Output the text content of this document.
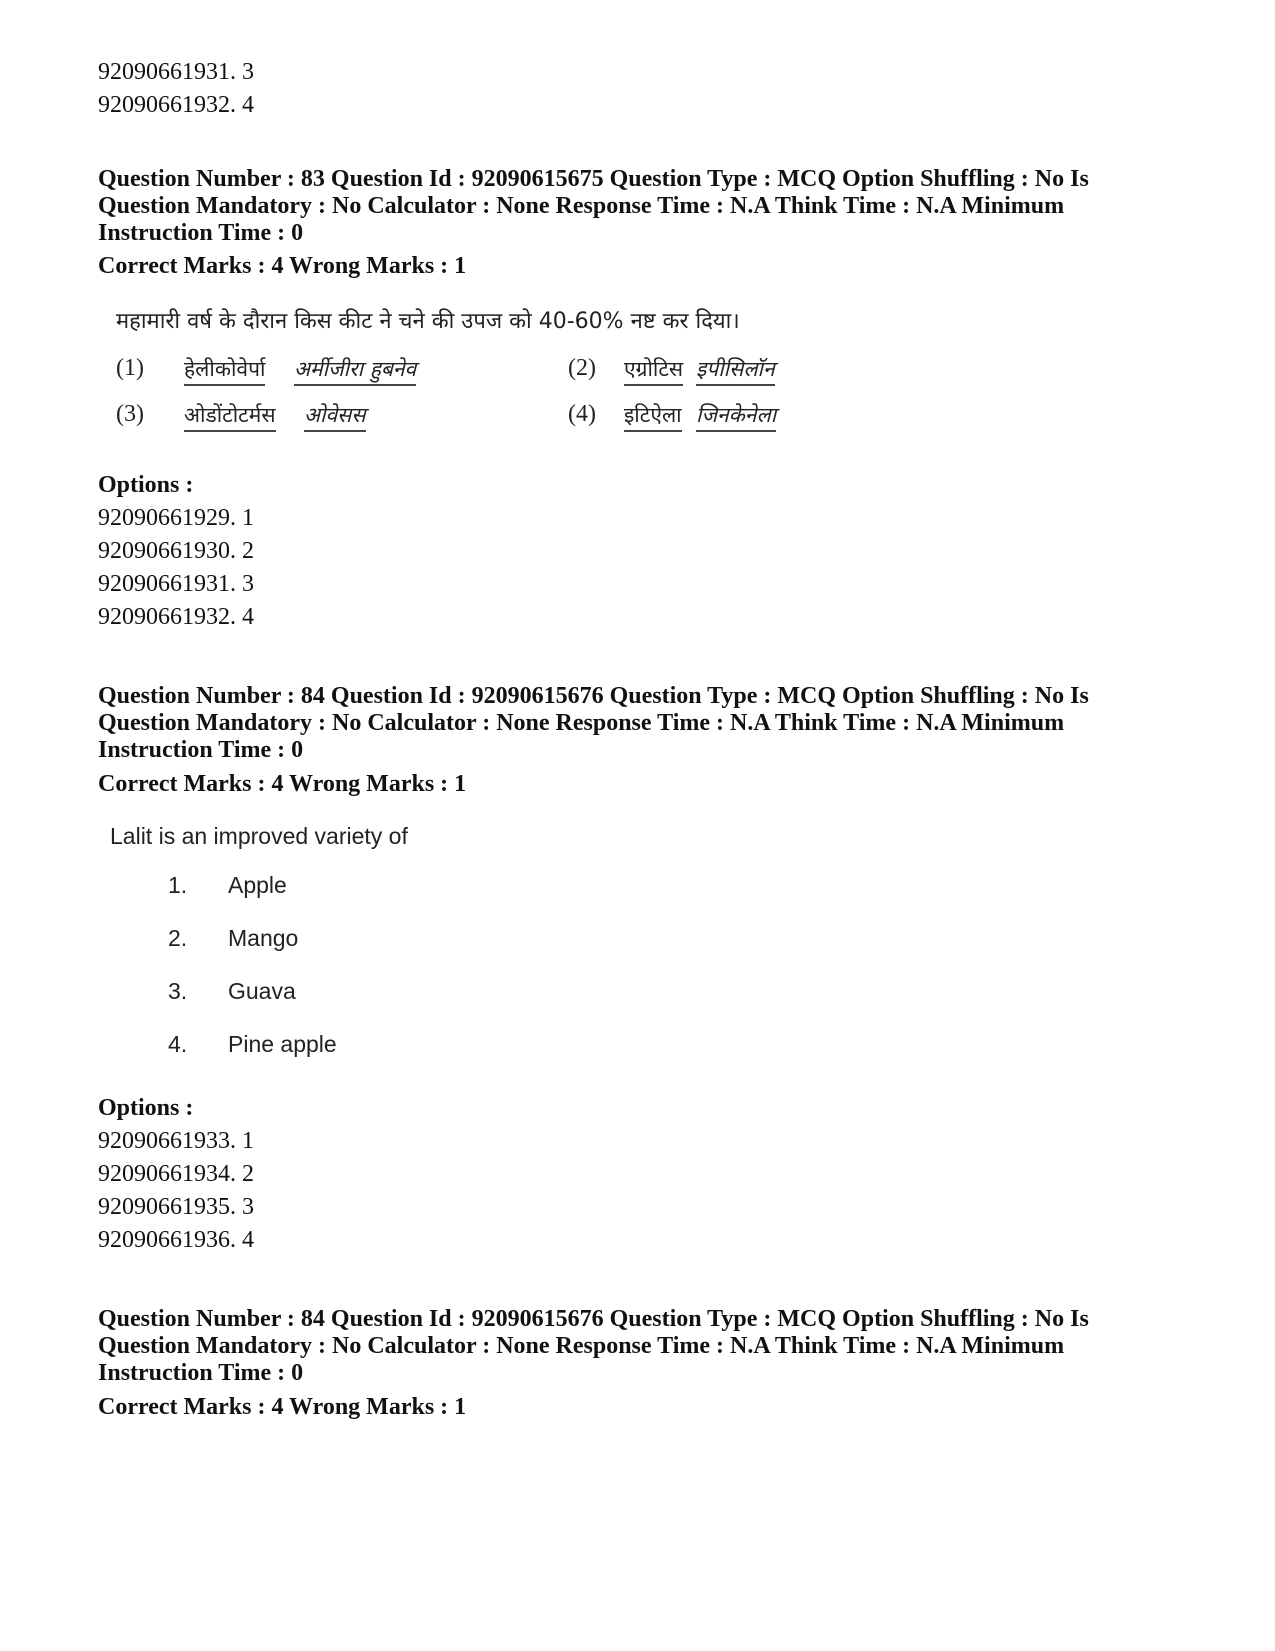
92090661931. 3
92090661932. 4
Question Number : 83 Question Id : 92090615675 Question Type : MCQ Option Shuffling : No Is
Question Mandatory : No Calculator : None Response Time : N.A Think Time : N.A Minimum
Instruction Time : 0
Correct Marks : 4 Wrong Marks : 1
महामारी वर्ष के दौरान किस कीट ने चने की उपज को 40-60% नष्ट कर दिया।
(1) हेलीकोवेर्पा अर्मीजीरा हुबनेव	(2) एग्रोटिस इपीसिलॉन
(3) ओडोंटोटर्मस ओवेसस	(4) इटिऐला जिनकेनेला
Options :
92090661929. 1
92090661930. 2
92090661931. 3
92090661932. 4
Question Number : 84 Question Id : 92090615676 Question Type : MCQ Option Shuffling : No Is
Question Mandatory : No Calculator : None Response Time : N.A Think Time : N.A Minimum
Instruction Time : 0
Correct Marks : 4 Wrong Marks : 1
Lalit is an improved variety of
1. Apple
2. Mango
3. Guava
4. Pine apple
Options :
92090661933. 1
92090661934. 2
92090661935. 3
92090661936. 4
Question Number : 84 Question Id : 92090615676 Question Type : MCQ Option Shuffling : No Is
Question Mandatory : No Calculator : None Response Time : N.A Think Time : N.A Minimum
Instruction Time : 0
Correct Marks : 4 Wrong Marks : 1
